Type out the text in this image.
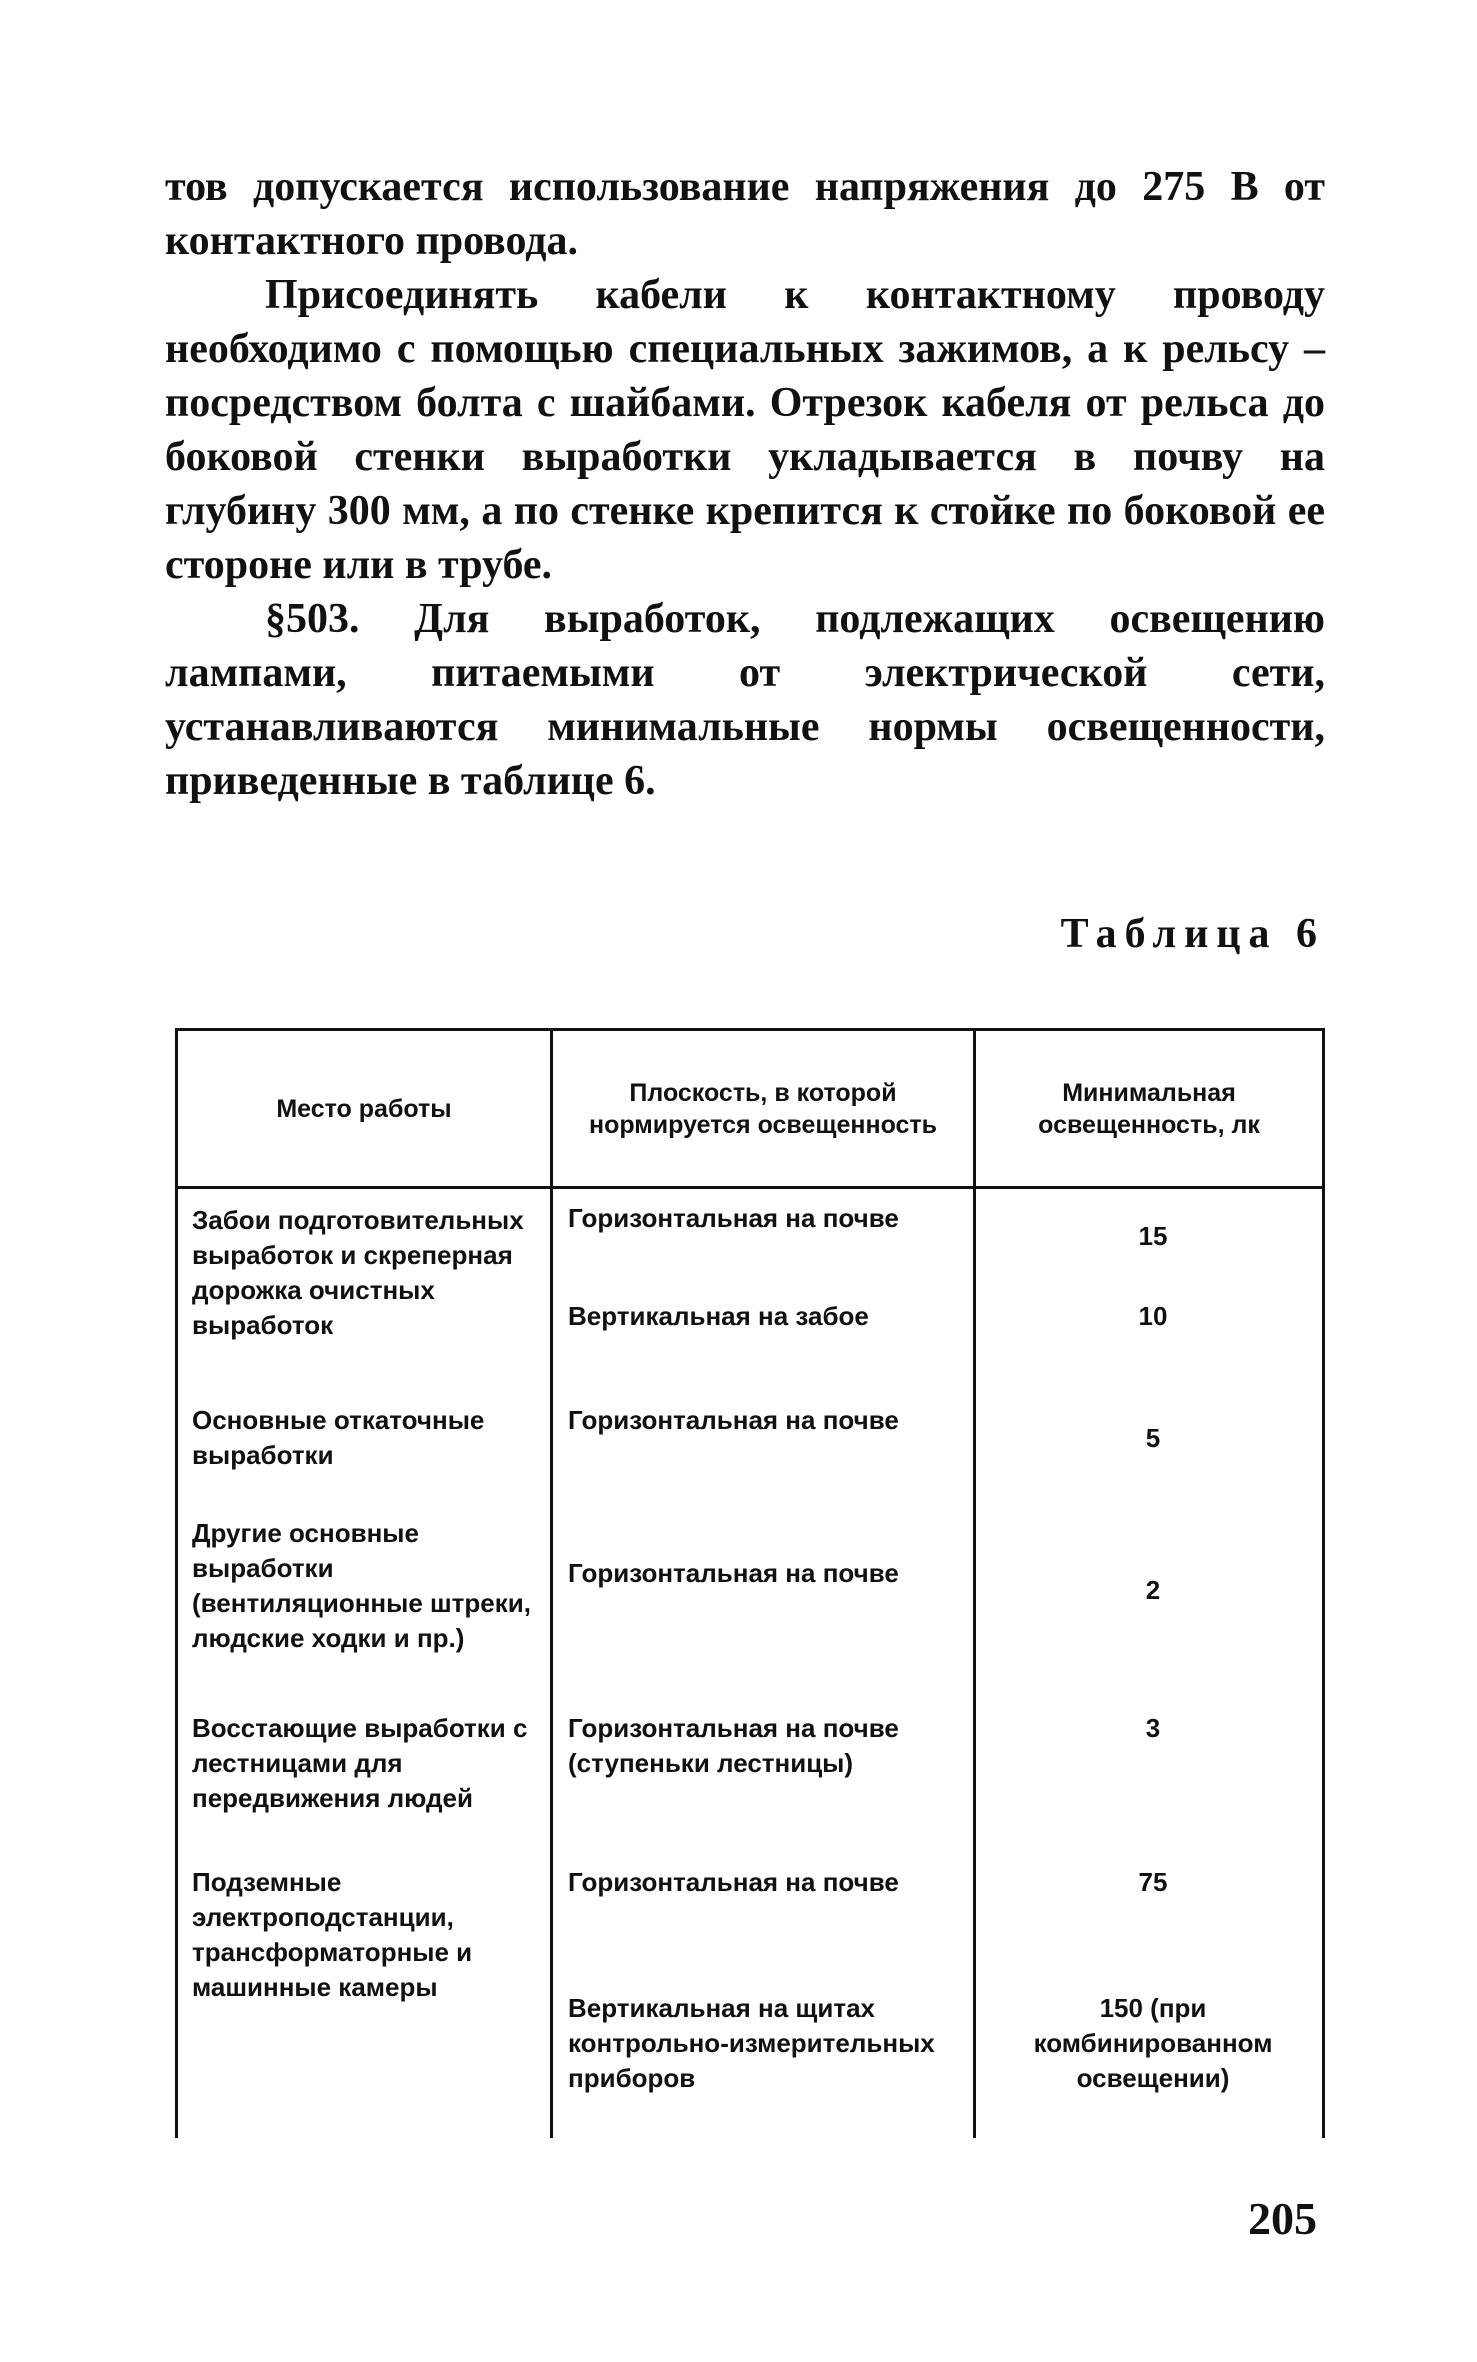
тов допускается использование напряжения до 275 В от контактного провода.

Присоединять кабели к контактному проводу необходимо с помощью специальных зажимов, а к рельсу – посредством болта с шайбами. Отрезок кабеля от рельса до боковой стенки выработки укладывается в почву на глубину 300 мм, а по стенке крепится к стойке по боковой ее стороне или в трубе.

§503. Для выработок, подлежащих освещению лампами, питаемыми от электрической сети, устанавливаются минимальные нормы освещенности, приведенные в таблице 6.

Таблица 6
Место работы
Плоскость, в которой нормируется освещенность
Минимальная освещенность, лк
Забои подготовительных выработок и скреперная дорожка очистных выработок
Горизонтальная на почве
15
Вертикальная на забое	10
Основные откаточные выработки
Горизонтальная на почве
5
Другие основные выработки (вентиляционные штреки, людские ходки и пр.)
Горизонтальная на почве
2
Восстающие выработки с лестницами для передвижения людей
Горизонтальная на почве (ступеньки лестницы)
3
Подземные электроподстанции, трансформаторные и машинные камеры
Горизонтальная на почве	75
Вертикальная на щитах контрольно-измерительных приборов
150 (при комбинированном освещении)
205
